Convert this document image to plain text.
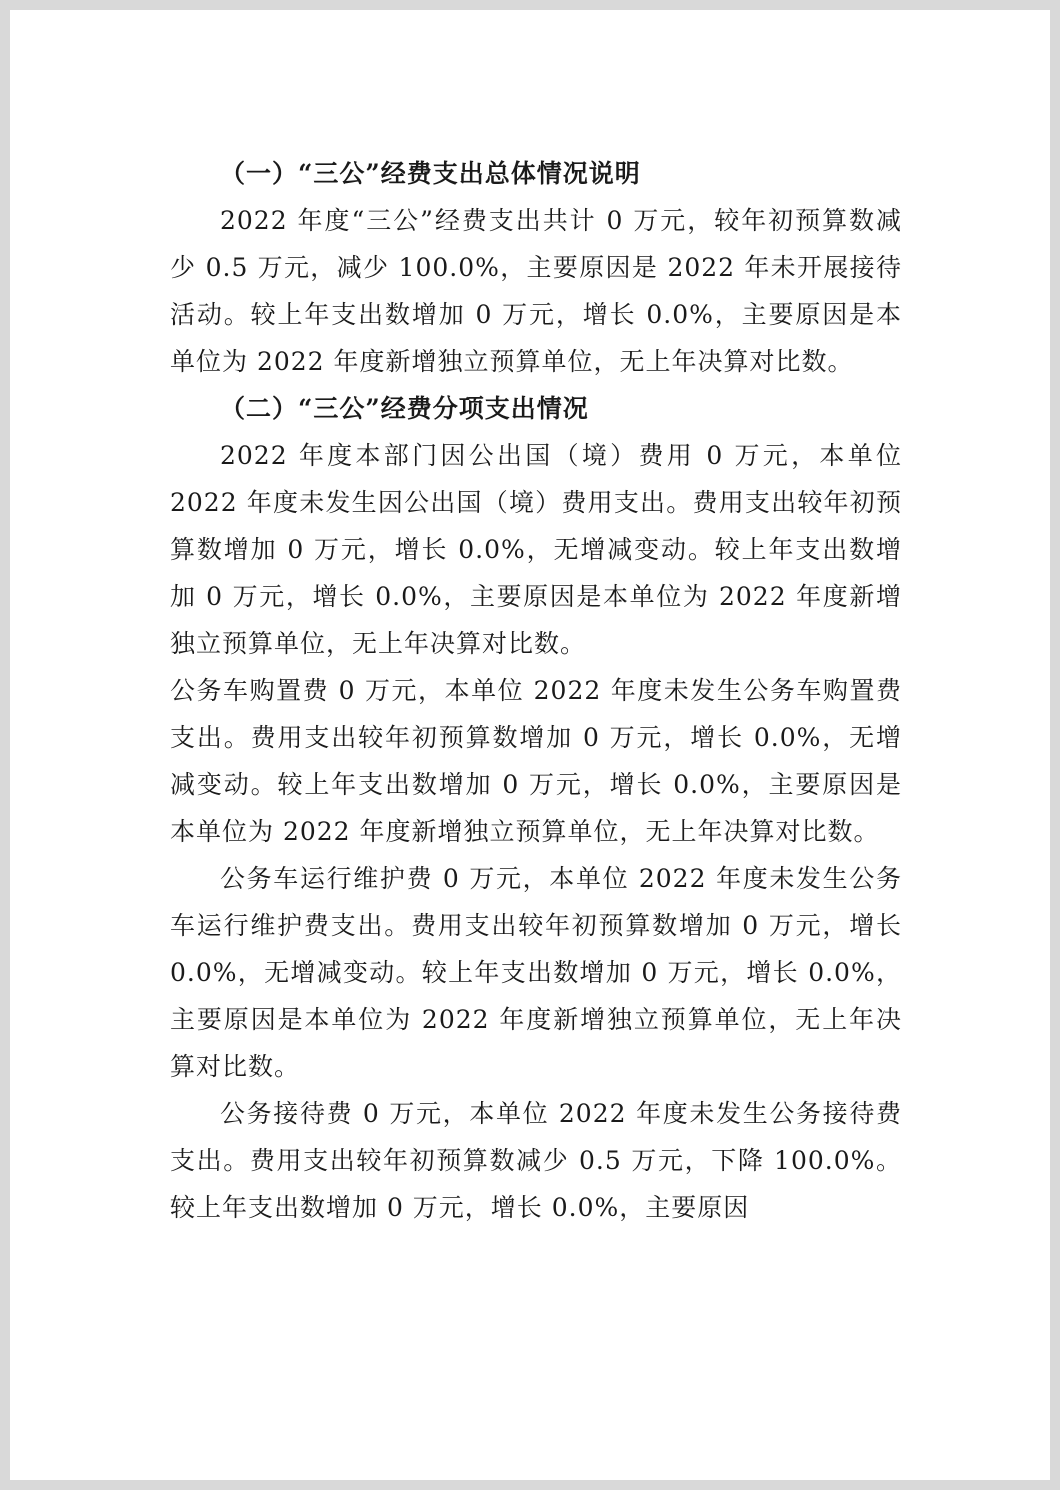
（一）“三公”经费支出总体情况说明

2022 年度“三公”经费支出共计 0 万元，较年初预算数减少 0.5 万元，减少 100.0%，主要原因是 2022 年未开展接待活动。较上年支出数增加 0 万元，增长 0.0%，主要原因是本单位为 2022 年度新增独立预算单位，无上年决算对比数。

（二）“三公”经费分项支出情况

2022 年度本部门因公出国（境）费用 0 万元，本单位 2022 年度未发生因公出国（境）费用支出。费用支出较年初预算数增加 0 万元，增长 0.0%，无增减变动。较上年支出数增加 0 万元，增长 0.0%，主要原因是本单位为 2022 年度新增独立预算单位，无上年决算对比数。

公务车购置费 0 万元，本单位 2022 年度未发生公务车购置费支出。费用支出较年初预算数增加 0 万元，增长 0.0%，无增减变动。较上年支出数增加 0 万元，增长 0.0%，主要原因是本单位为 2022 年度新增独立预算单位，无上年决算对比数。

公务车运行维护费 0 万元，本单位 2022 年度未发生公务车运行维护费支出。费用支出较年初预算数增加 0 万元，增长 0.0%，无增减变动。较上年支出数增加 0 万元，增长 0.0%，主要原因是本单位为 2022 年度新增独立预算单位，无上年决算对比数。

公务接待费 0 万元，本单位 2022 年度未发生公务接待费支出。费用支出较年初预算数减少 0.5 万元，下降 100.0%。较上年支出数增加 0 万元，增长 0.0%，主要原因
